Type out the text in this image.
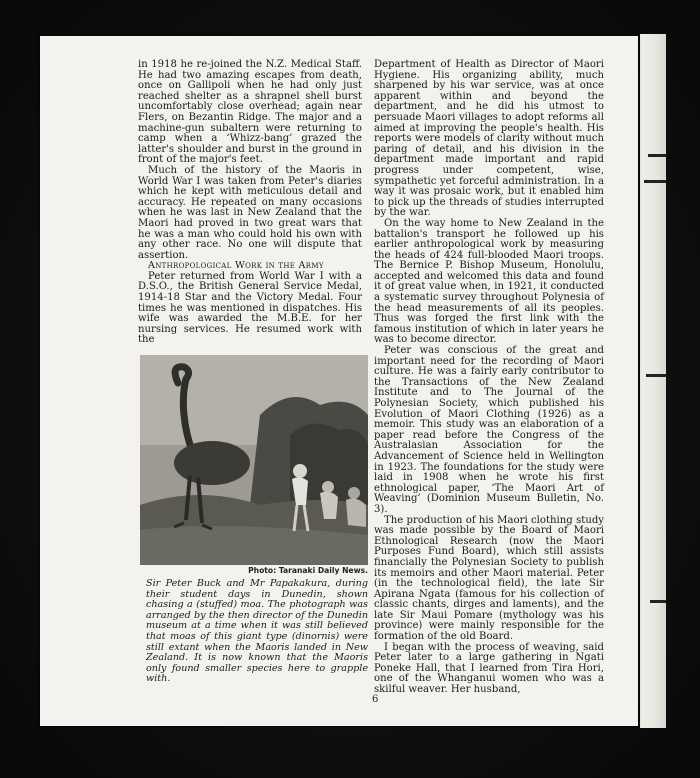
in 1918 he re-joined the N.Z. Medical Staff. He had two amazing escapes from death, once on Gallipoli when he had only just reached shelter as a shrapnel shell burst uncomfortably close overhead; again near Flers, on Bezantin Ridge. The major and a machine-gun subaltern were returning to camp when a ‘Whizz-bang’ grazed the latter's shoulder and burst in the ground in front of the major's feet.

Much of the history of the Maoris in World War I was taken from Peter's diaries which he kept with meticulous detail and accuracy. He repeated on many occasions when he was last in New Zealand that the Maori had proved in two great wars that he was a man who could hold his own with any other race. No one will dispute that assertion.

Anthropological Work in the Army

Peter returned from World War I with a D.S.O., the British General Service Medal, 1914-18 Star and the Victory Medal. Four times he was mentioned in dispatches. His wife was awarded the M.B.E. for her nursing services. He resumed work with the

Photo: Taranaki Daily News.
Sir Peter Buck and Mr Papakakura, during their student days in Dunedin, shown chasing a (stuffed) moa. The photograph was arranged by the then director of the Dunedin museum at a time when it was still believed that moas of this giant type (dinornis) were still extant when the Maoris landed in New Zealand. It is now known that the Maoris only found smaller species here to grapple with.

Department of Health as Director of Maori Hygiene. His organizing ability, much sharpened by his war service, was at once apparent within and beyond the department, and he did his utmost to persuade Maori villages to adopt reforms all aimed at improving the people's health. His reports were models of clarity without much paring of detail, and his division in the department made important and rapid progress under competent, wise, sympathetic yet forceful administration. In a way it was prosaic work, but it enabled him to pick up the threads of studies interrupted by the war.

On the way home to New Zealand in the battalion's transport he followed up his earlier anthropological work by measuring the heads of 424 full-blooded Maori troops. The Bernice P. Bishop Museum, Honolulu, accepted and welcomed this data and found it of great value when, in 1921, it conducted a systematic survey throughout Polynesia of the head measurements of all its peoples. Thus was forged the first link with the famous institution of which in later years he was to become director.

Peter was conscious of the great and important need for the recording of Maori culture. He was a fairly early contributor to the Transactions of the New Zealand Institute and to The Journal of the Polynesian Society, which published his Evolution of Maori Clothing (1926) as a memoir. This study was an elaboration of a paper read before the Congress of the Australasian Association for the Advancement of Science held in Wellington in 1923. The foundations for the study were laid in 1908 when he wrote his first ethnological paper, ‘The Maori Art of Weaving’ (Dominion Museum Bulletin, No. 3).

The production of his Maori clothing study was made possible by the Board of Maori Ethnological Research (now the Maori Purposes Fund Board), which still assists financially the Polynesian Society to publish its memoirs and other Maori material. Peter (in the technological field), the late Sir Apirana Ngata (famous for his collection of classic chants, dirges and laments), and the late Sir Maui Pomare (mythology was his province) were mainly responsible for the formation of the old Board.

I began with the process of weaving, said Peter later to a large gathering in Ngati Poneke Hall, that I learned from Tira Hori, one of the Whanganui women who was a skilful weaver. Her husband,

6
